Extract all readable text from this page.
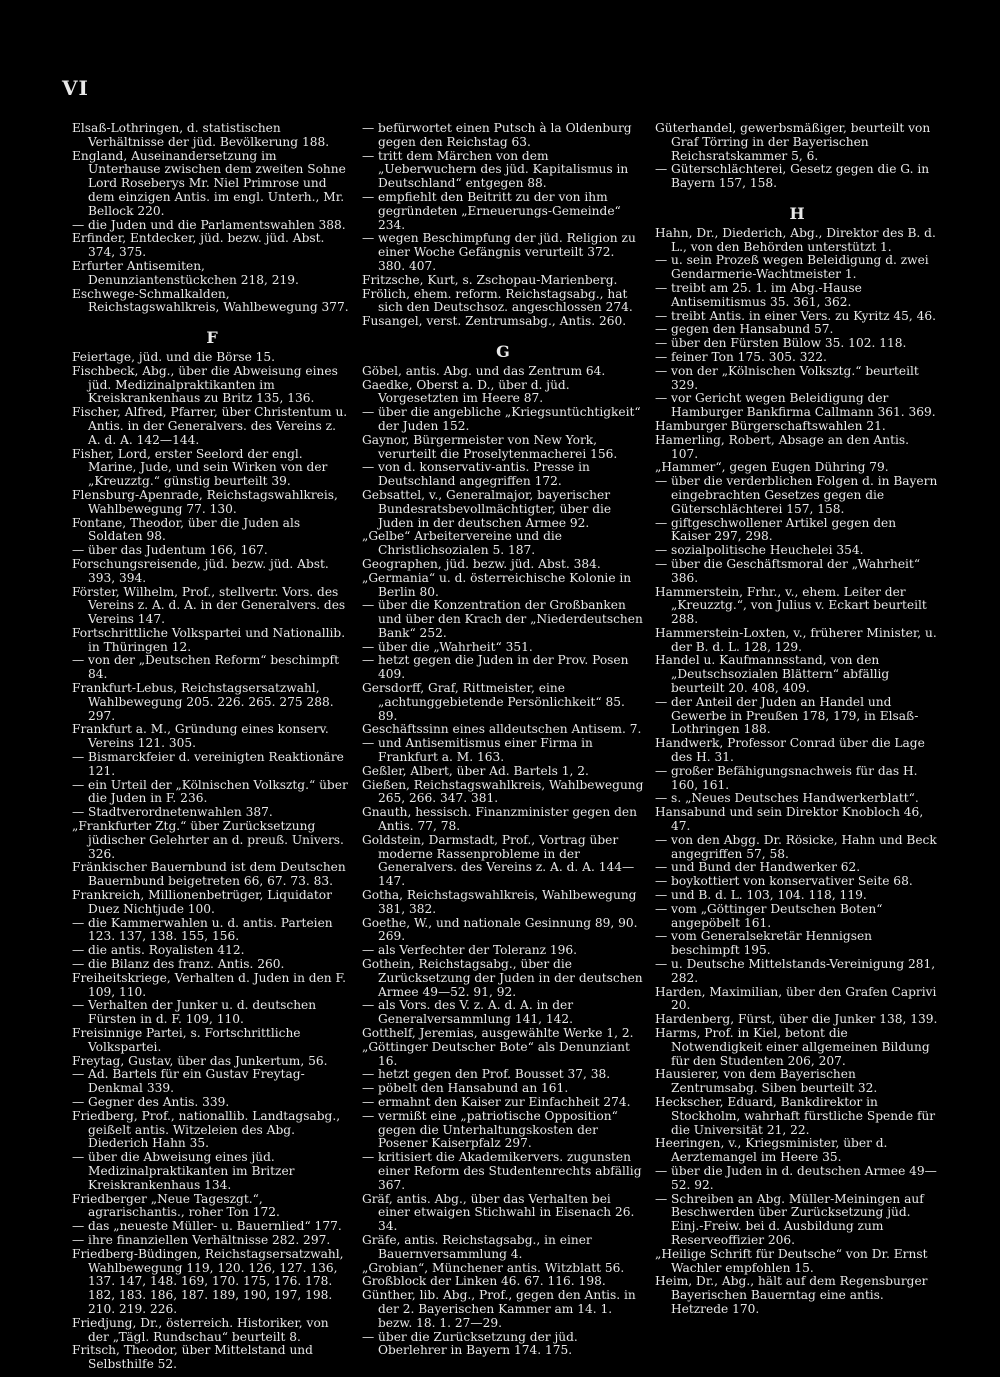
VI

Elsaß-Lothringen, d. statistischen Verhältnisse der jüd. Bevölkerung 188.

England, Auseinandersetzung im Unterhause zwischen dem zweiten Sohne Lord Roseberys Mr. Niel Primrose und dem einzigen Antis. im engl. Unterh., Mr. Bellock 220.

— die Juden und die Parlamentswahlen 388.

Erfinder, Entdecker, jüd. bezw. jüd. Abst. 374, 375.

Erfurter Antisemiten, Denunziantenstückchen 218, 219.

Eschwege-Schmalkalden, Reichstagswahlkreis, Wahlbewegung 377.

F

Feiertage, jüd. und die Börse 15.

Fischbeck, Abg., über die Abweisung eines jüd. Medizinalpraktikanten im Kreiskrankenhaus zu Britz 135, 136.

Fischer, Alfred, Pfarrer, über Christentum u. Antis. in der Generalvers. des Vereins z. A. d. A. 142—144.

Fisher, Lord, erster Seelord der engl. Marine, Jude, und sein Wirken von der „Kreuzztg.“ günstig beurteilt 39.

Flensburg-Apenrade, Reichstagswahlkreis, Wahlbewegung 77. 130.

Fontane, Theodor, über die Juden als Soldaten 98.

— über das Judentum 166, 167.

Forschungsreisende, jüd. bezw. jüd. Abst. 393, 394.

Förster, Wilhelm, Prof., stellvertr. Vors. des Vereins z. A. d. A. in der Generalvers. des Vereins 147.

Fortschrittliche Volkspartei und Nationallib. in Thüringen 12.

— von der „Deutschen Reform“ beschimpft 84.

Frankfurt-Lebus, Reichstagsersatzwahl, Wahlbewegung 205. 226. 265. 275 288. 297.

Frankfurt a. M., Gründung eines konserv. Vereins 121. 305.

— Bismarckfeier d. vereinigten Reaktionäre 121.

— ein Urteil der „Kölnischen Volksztg.“ über die Juden in F. 236.

— Stadtverordnetenwahlen 387.

„Frankfurter Ztg.“ über Zurücksetzung jüdischer Gelehrter an d. preuß. Univers. 326.

Fränkischer Bauernbund ist dem Deutschen Bauernbund beigetreten 66, 67. 73. 83.

Frankreich, Millionenbetrüger, Liquidator Duez Nichtjude 100.

— die Kammerwahlen u. d. antis. Parteien 123. 137, 138. 155, 156.

— die antis. Royalisten 412.

— die Bilanz des franz. Antis. 260.

Freiheitskriege, Verhalten d. Juden in den F. 109, 110.

— Verhalten der Junker u. d. deutschen Fürsten in d. F. 109, 110.

Freisinnige Partei, s. Fortschrittliche Volkspartei.

Freytag, Gustav, über das Junkertum, 56.

— Ad. Bartels für ein Gustav Freytag-Denkmal 339.

— Gegner des Antis. 339.

Friedberg, Prof., nationallib. Landtagsabg., geißelt antis. Witzeleien des Abg. Diederich Hahn 35.

— über die Abweisung eines jüd. Medizinalpraktikanten im Britzer Kreiskrankenhaus 134.

Friedberger „Neue Tageszgt.“, agrarischantis., roher Ton 172.

— das „neueste Müller- u. Bauernlied“ 177.

— ihre finanziellen Verhältnisse 282. 297.

Friedberg-Büdingen, Reichstagsersatzwahl, Wahlbewegung 119, 120. 126, 127. 136, 137. 147, 148. 169, 170. 175, 176. 178. 182, 183. 186, 187. 189, 190, 197, 198. 210. 219. 226.

Friedjung, Dr., österreich. Historiker, von der „Tägl. Rundschau“ beurteilt 8.

Fritsch, Theodor, über Mittelstand und Selbsthilfe 52.

— befürwortet einen Putsch à la Oldenburg gegen den Reichstag 63.

— tritt dem Märchen von dem „Ueberwuchern des jüd. Kapitalismus in Deutschland“ entgegen 88.

— empfiehlt den Beitritt zu der von ihm gegründeten „Erneuerungs-Gemeinde“ 234.

— wegen Beschimpfung der jüd. Religion zu einer Woche Gefängnis verurteilt 372. 380. 407.

Fritzsche, Kurt, s. Zschopau-Marienberg.

Frölich, ehem. reform. Reichstagsabg., hat sich den Deutschsoz. angeschlossen 274.

Fusangel, verst. Zentrumsabg., Antis. 260.

G

Göbel, antis. Abg. und das Zentrum 64.

Gaedke, Oberst a. D., über d. jüd. Vorgesetzten im Heere 87.

— über die angebliche „Kriegsuntüchtigkeit“ der Juden 152.

Gaynor, Bürgermeister von New York, verurteilt die Proselytenmacherei 156.

— von d. konservativ-antis. Presse in Deutschland angegriffen 172.

Gebsattel, v., Generalmajor, bayerischer Bundesratsbevollmächtigter, über die Juden in der deutschen Armee 92.

„Gelbe“ Arbeitervereine und die Christlichsozialen 5. 187.

Geographen, jüd. bezw. jüd. Abst. 384.

„Germania“ u. d. österreichische Kolonie in Berlin 80.

— über die Konzentration der Großbanken und über den Krach der „Niederdeutschen Bank“ 252.

— über die „Wahrheit“ 351.

— hetzt gegen die Juden in der Prov. Posen 409.

Gersdorff, Graf, Rittmeister, eine „achtunggebietende Persönlichkeit“ 85. 89.

Geschäftssinn eines alldeutschen Antisem. 7.

— und Antisemitismus einer Firma in Frankfurt a. M. 163.

Geßler, Albert, über Ad. Bartels 1, 2.

Gießen, Reichstagswahlkreis, Wahlbewegung 265, 266. 347. 381.

Gnauth, hessisch. Finanzminister gegen den Antis. 77, 78.

Goldstein, Darmstadt, Prof., Vortrag über moderne Rassenprobleme in der Generalvers. des Vereins z. A. d. A. 144—147.

Gotha, Reichstagswahlkreis, Wahlbewegung 381, 382.

Goethe, W., und nationale Gesinnung 89, 90. 269.

— als Verfechter der Toleranz 196.

Gothein, Reichstagsabg., über die Zurücksetzung der Juden in der deutschen Armee 49—52. 91, 92.

— als Vors. des V. z. A. d. A. in der Generalversammlung 141, 142.

Gotthelf, Jeremias, ausgewählte Werke 1, 2.

„Göttinger Deutscher Bote“ als Denunziant 16.

— hetzt gegen den Prof. Bousset 37, 38.

— pöbelt den Hansabund an 161.

— ermahnt den Kaiser zur Einfachheit 274.

— vermißt eine „patriotische Opposition“ gegen die Unterhaltungskosten der Posener Kaiserpfalz 297.

— kritisiert die Akademikervers. zugunsten einer Reform des Studentenrechts abfällig 367.

Gräf, antis. Abg., über das Verhalten bei einer etwaigen Stichwahl in Eisenach 26. 34.

Gräfe, antis. Reichstagsabg., in einer Bauernversammlung 4.

„Grobian“, Münchener antis. Witzblatt 56.

Großblock der Linken 46. 67. 116. 198.

Günther, lib. Abg., Prof., gegen den Antis. in der 2. Bayerischen Kammer am 14. 1. bezw. 18. 1. 27—29.

— über die Zurücksetzung der jüd. Oberlehrer in Bayern 174. 175.

Güterhandel, gewerbsmäßiger, beurteilt von Graf Törring in der Bayerischen Reichsratskammer 5, 6.

— Güterschlächterei, Gesetz gegen die G. in Bayern 157, 158.

H

Hahn, Dr., Diederich, Abg., Direktor des B. d. L., von den Behörden unterstützt 1.

— u. sein Prozeß wegen Beleidigung d. zwei Gendarmerie-Wachtmeister 1.

— treibt am 25. 1. im Abg.-Hause Antisemitismus 35. 361, 362.

— treibt Antis. in einer Vers. zu Kyritz 45, 46.

— gegen den Hansabund 57.

— über den Fürsten Bülow 35. 102. 118.

— feiner Ton 175. 305. 322.

— von der „Kölnischen Volksztg.“ beurteilt 329.

— vor Gericht wegen Beleidigung der Hamburger Bankfirma Callmann 361. 369.

Hamburger Bürgerschaftswahlen 21.

Hamerling, Robert, Absage an den Antis. 107.

„Hammer“, gegen Eugen Dühring 79.

— über die verderblichen Folgen d. in Bayern eingebrachten Gesetzes gegen die Güterschlächterei 157, 158.

— giftgeschwollener Artikel gegen den Kaiser 297, 298.

— sozialpolitische Heuchelei 354.

— über die Geschäftsmoral der „Wahrheit“ 386.

Hammerstein, Frhr., v., ehem. Leiter der „Kreuzztg.“, von Julius v. Eckart beurteilt 288.

Hammerstein-Loxten, v., früherer Minister, u. der B. d. L. 128, 129.

Handel u. Kaufmannsstand, von den „Deutschsozialen Blättern“ abfällig beurteilt 20. 408, 409.

— der Anteil der Juden an Handel und Gewerbe in Preußen 178, 179, in Elsaß-Lothringen 188.

Handwerk, Professor Conrad über die Lage des H. 31.

— großer Befähigungsnachweis für das H. 160, 161.

— s. „Neues Deutsches Handwerkerblatt“.

Hansabund und sein Direktor Knobloch 46, 47.

— von den Abgg. Dr. Rösicke, Hahn und Beck angegriffen 57, 58.

— und Bund der Handwerker 62.

— boykottiert von konservativer Seite 68.

— und B. d. L. 103, 104. 118, 119.

— vom „Göttinger Deutschen Boten“ angepöbelt 161.

— vom Generalsekretär Hennigsen beschimpft 195.

— u. Deutsche Mittelstands-Vereinigung 281, 282.

Harden, Maximilian, über den Grafen Caprivi 20.

Hardenberg, Fürst, über die Junker 138, 139.

Harms, Prof. in Kiel, betont die Notwendigkeit einer allgemeinen Bildung für den Studenten 206, 207.

Hausierer, von dem Bayerischen Zentrumsabg. Siben beurteilt 32.

Heckscher, Eduard, Bankdirektor in Stockholm, wahrhaft fürstliche Spende für die Universität 21, 22.

Heeringen, v., Kriegsminister, über d. Aerztemangel im Heere 35.

— über die Juden in d. deutschen Armee 49—52. 92.

— Schreiben an Abg. Müller-Meiningen auf Beschwerden über Zurücksetzung jüd. Einj.-Freiw. bei d. Ausbildung zum Reserveoffizier 206.

„Heilige Schrift für Deutsche“ von Dr. Ernst Wachler empfohlen 15.

Heim, Dr., Abg., hält auf dem Regensburger Bayerischen Bauerntag eine antis. Hetzrede 170.
